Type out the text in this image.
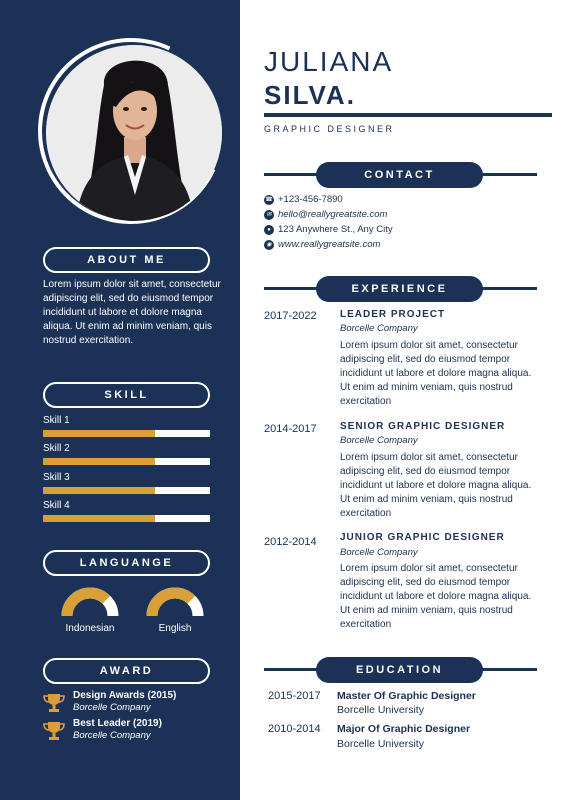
ABOUT ME

Lorem ipsum dolor sit amet, consectetur adipiscing elit, sed do eiusmod tempor incididunt ut labore et dolore magna aliqua. Ut enim ad minim veniam, quis nostrud exercitation.

SKILL
Skill 1
Skill 2
Skill 3
Skill 4
LANGUANGE
Indonesian	English
AWARD
Design Awards (2015)
Borcelle Company
Best Leader (2019)
Borcelle Company
JULIANA
SILVA.
GRAPHIC DESIGNER
CONTACT
☎ +123-456-7890
✉ hello@reallygreatsite.com
● 123 Anywhere St., Any City
◉ www.reallygreatsite.com
EXPERIENCE
2017-2022 LEADER PROJECT
Borcelle Company

Lorem ipsum dolor sit amet, consectetur adipiscing elit, sed do eiusmod tempor incididunt ut labore et dolore magna aliqua. Ut enim ad minim veniam, quis nostrud exercitation

2014-2017 SENIOR GRAPHIC DESIGNER
Borcelle Company

Lorem ipsum dolor sit amet, consectetur adipiscing elit, sed do eiusmod tempor incididunt ut labore et dolore magna aliqua. Ut enim ad minim veniam, quis nostrud exercitation

2012-2014 JUNIOR GRAPHIC DESIGNER
Borcelle Company

Lorem ipsum dolor sit amet, consectetur adipiscing elit, sed do eiusmod tempor incididunt ut labore et dolore magna aliqua. Ut enim ad minim veniam, quis nostrud exercitation

EDUCATION
2015-2017 Master Of Graphic Designer
Borcelle University
2010-2014 Major Of Graphic Designer
Borcelle University
